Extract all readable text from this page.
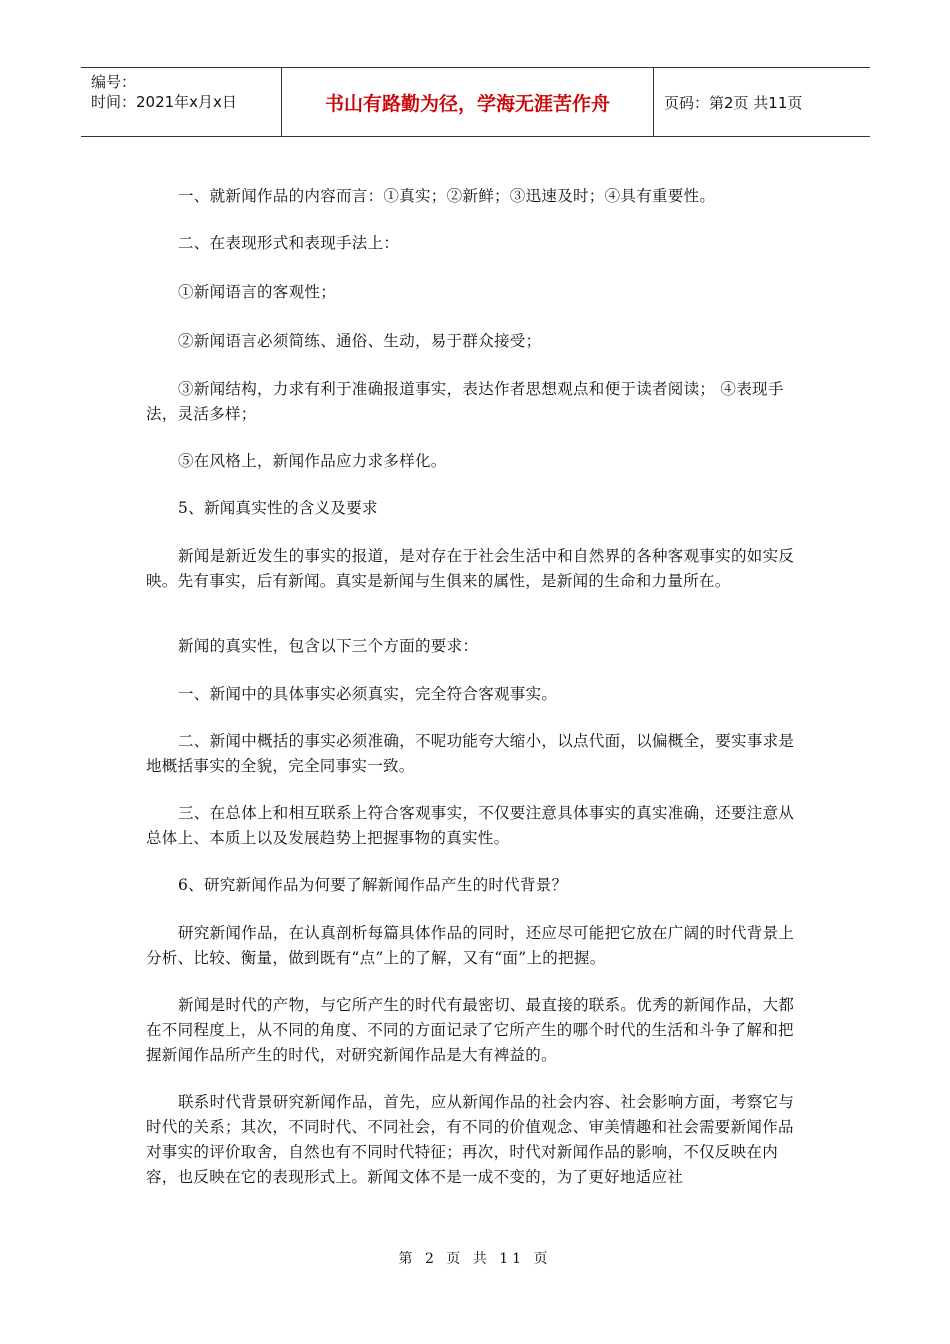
编号：
时间：2021年x月x日	书山有路勤为径，学海无涯苦作舟	页码：第2页 共11页

一、就新闻作品的内容而言：①真实；②新鲜；③迅速及时；④具有重要性。

二、在表现形式和表现手法上：

①新闻语言的客观性；

②新闻语言必须简练、通俗、生动，易于群众接受；

③新闻结构，力求有利于准确报道事实，表达作者思想观点和便于读者阅读； ④表现手法，灵活多样；

⑤在风格上，新闻作品应力求多样化。

5、新闻真实性的含义及要求

新闻是新近发生的事实的报道，是对存在于社会生活中和自然界的各种客观事实的如实反映。先有事实，后有新闻。真实是新闻与生俱来的属性，是新闻的生命和力量所在。

新闻的真实性，包含以下三个方面的要求：

一、新闻中的具体事实必须真实，完全符合客观事实。

二、新闻中概括的事实必须准确，不呢功能夸大缩小，以点代面，以偏概全，要实事求是地概括事实的全貌，完全同事实一致。

三、在总体上和相互联系上符合客观事实，不仅要注意具体事实的真实准确，还要注意从总体上、本质上以及发展趋势上把握事物的真实性。

6、研究新闻作品为何要了解新闻作品产生的时代背景？

研究新闻作品，在认真剖析每篇具体作品的同时，还应尽可能把它放在广阔的时代背景上分析、比较、衡量，做到既有“点”上的了解，又有“面”上的把握。

新闻是时代的产物，与它所产生的时代有最密切、最直接的联系。优秀的新闻作品，大都在不同程度上，从不同的角度、不同的方面记录了它所产生的哪个时代的生活和斗争了解和把握新闻作品所产生的时代，对研究新闻作品是大有裨益的。

联系时代背景研究新闻作品，首先，应从新闻作品的社会内容、社会影响方面，考察它与时代的关系；其次，不同时代、不同社会，有不同的价值观念、审美情趣和社会需要新闻作品对事实的评价取舍，自然也有不同时代特征；再次，时代对新闻作品的影响，不仅反映在内容，也反映在它的表现形式上。新闻文体不是一成不变的，为了更好地适应社

第 2 页 共 11 页
